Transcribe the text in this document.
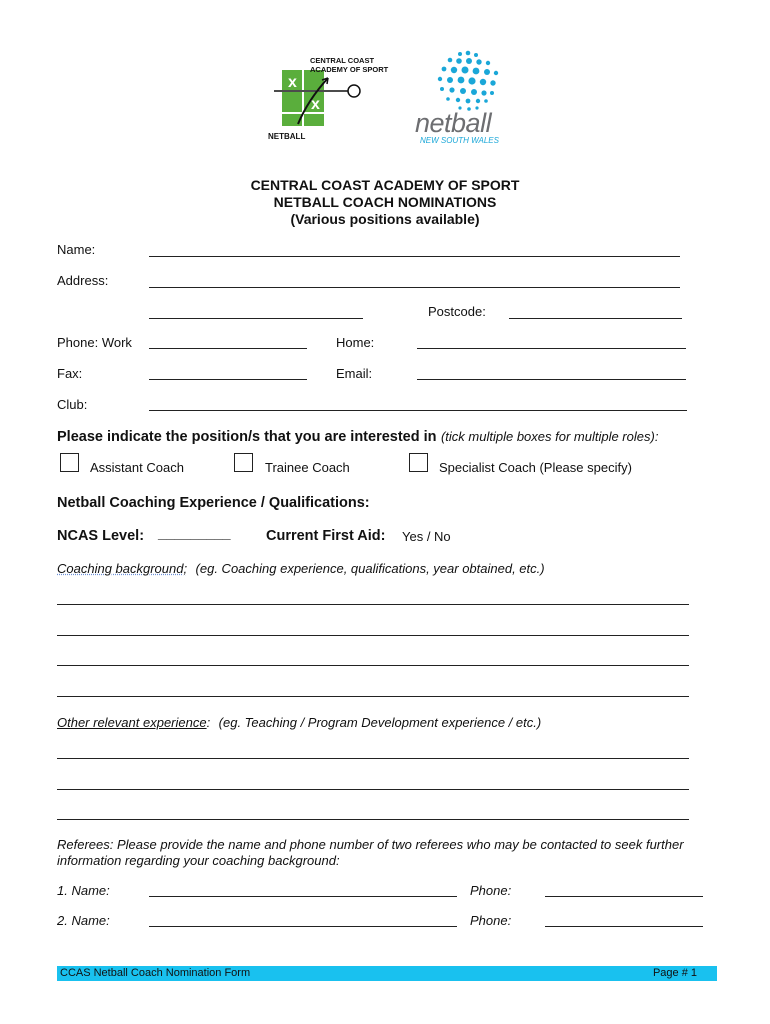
x
x
CENTRAL COAST
ACADEMY OF SPORT
NETBALL	netball
NEW SOUTH WALES
CENTRAL COAST ACADEMY OF SPORT
NETBALL COACH NOMINATIONS
(Various positions available)
Name:
Address:
Postcode:
Phone: Work	Home:
Fax:	Email:
Club:
Please indicate the position/s that you are interested in (tick multiple boxes for multiple roles):
Assistant Coach	Trainee Coach	Specialist Coach (Please specify)
Netball Coaching Experience / Qualifications:
NCAS Level: _________ Current First Aid: Yes / No
Coaching background; (eg. Coaching experience, qualifications, year obtained, etc.)
Other relevant experience: (eg. Teaching / Program Development experience / etc.)
Referees: Please provide the name and phone number of two referees who may be contacted to seek further information regarding your coaching background:
1. Name:	Phone:
2. Name:	Phone:
CCAS Netball Coach Nomination Form	Page # 1
